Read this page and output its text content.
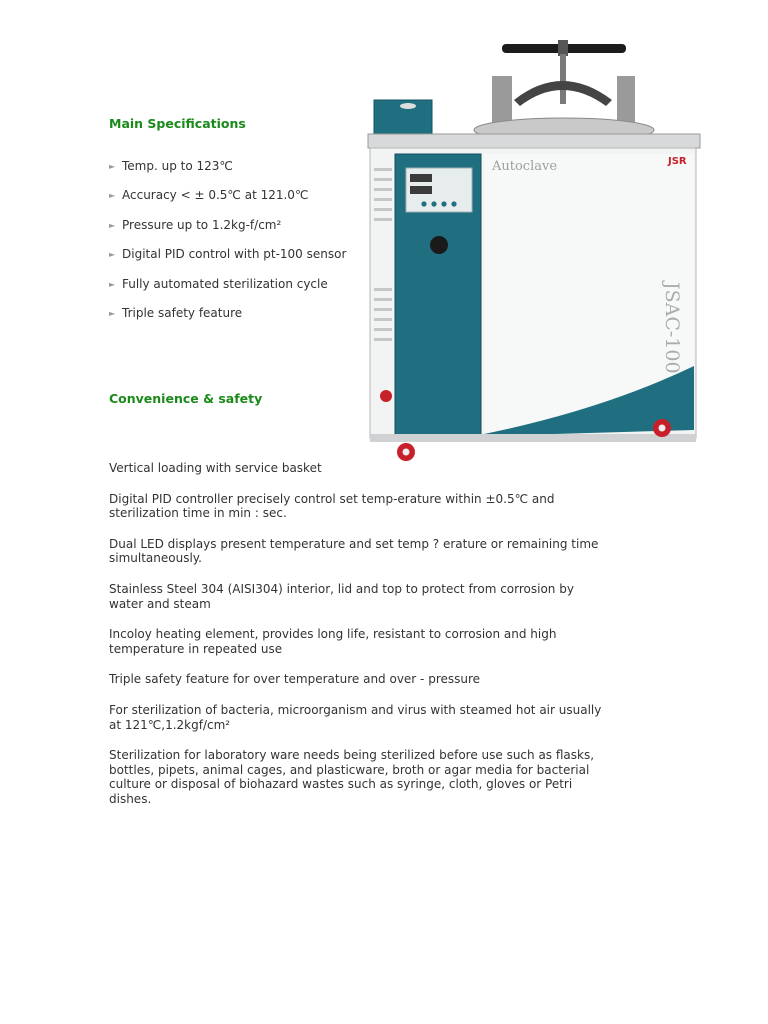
Main Specifications
► Temp. up to 123℃
► Accuracy < ± 0.5℃ at 121.0℃
► Pressure up to 1.2kg-f/cm²
► Digital PID control with pt-100 sensor
► Fully automated sterilization cycle
► Triple safety feature
Convenience & safety

Vertical loading with service basket

Digital PID controller precisely control set temp-erature within ±0.5℃ and sterilization time in min : sec.

Dual LED displays present temperature and set temp ? erature or remaining time simultaneously.

Stainless Steel 304 (AISI304) interior, lid and top to protect from corrosion by water and steam

Incoloy heating element, provides long life, resistant to corrosion and high temperature in repeated use

Triple safety feature for over temperature and over - pressure

For sterilization of bacteria, microorganism and virus with steamed hot air usually at 121℃,1.2kgf/cm²

Sterilization for laboratory ware needs being sterilized before use such as flasks, bottles, pipets, animal cages, and plasticware, broth or agar media for bacterial culture or disposal of biohazard wastes such as syringe, cloth, gloves or Petri dishes.

Autoclave	JSR
JSAC-100
